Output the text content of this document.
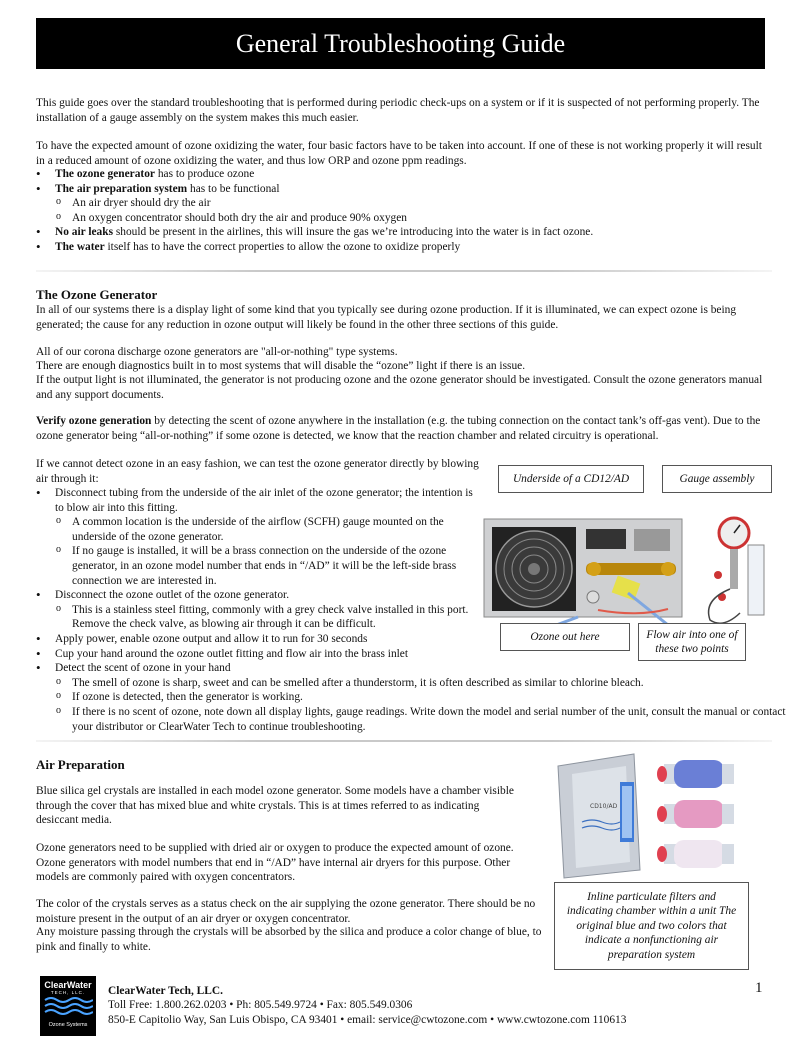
General Troubleshooting Guide
This guide goes over the standard troubleshooting that is performed during periodic check-ups on a system or if it is suspected of not performing properly. The installation of a gauge assembly on the system makes this much easier.
To have the expected amount of ozone oxidizing the water, four basic factors have to be taken into account. If one of these is not working properly it will result in a reduced amount of ozone oxidizing the water, and thus low ORP and ozone ppm readings.
• The ozone generator has to produce ozone
• The air preparation system has to be functional
o An air dryer should dry the air
o An oxygen concentrator should both dry the air and produce 90% oxygen
• No air leaks should be present in the airlines, this will insure the gas we’re introducing into the water is in fact ozone.
• The water itself has to have the correct properties to allow the ozone to oxidize properly
The Ozone Generator
In all of our systems there is a display light of some kind that you typically see during ozone production. If it is illuminated, we can expect ozone is being generated; the cause for any reduction in ozone output will likely be found in the other three sections of this guide.
All of our corona discharge ozone generators are "all-or-nothing" type systems.
There are enough diagnostics built in to most systems that will disable the “ozone” light if there is an issue.
If the output light is not illuminated, the generator is not producing ozone and the ozone generator should be investigated. Consult the ozone generators manual and any support documents.
Verify ozone generation by detecting the scent of ozone anywhere in the installation (e.g. the tubing connection on the contact tank’s off-gas vent). Due to the ozone generator being “all-or-nothing” if some ozone is detected, we know that the reaction chamber and related circuitry is operational.
If we cannot detect ozone in an easy fashion, we can test the ozone generator directly by blowing air through it:
• Disconnect tubing from the underside of the air inlet of the ozone generator; the intention is to blow air into this fitting.
o A common location is the underside of the airflow (SCFH) gauge mounted on the underside of the ozone generator.
o If no gauge is installed, it will be a brass connection on the underside of the ozone generator, in an ozone model number that ends in “/AD” it will be the left-side brass connection we are interested in.
• Disconnect the ozone outlet of the ozone generator.
o This is a stainless steel fitting, commonly with a grey check valve installed in this port. Remove the check valve, as blowing air through it can be difficult.
• Apply power, enable ozone output and allow it to run for 30 seconds
• Cup your hand around the ozone outlet fitting and flow air into the brass inlet
• Detect the scent of ozone in your hand
o The smell of ozone is sharp, sweet and can be smelled after a thunderstorm, it is often described as similar to chlorine bleach.
o If ozone is detected, then the generator is working.
o If there is no scent of ozone, note down all display lights, gauge readings. Write down the model and serial number of the unit, consult the manual or contact your distributor or ClearWater Tech to continue troubleshooting.
Underside of a CD12/AD	Gauge assembly
Ozone out here	Flow air into one of these two points
Air Preparation
Blue silica gel crystals are installed in each model ozone generator. Some models have a chamber visible through the cover that has mixed blue and white crystals. This is at times referred to as indicating desiccant media.
Ozone generators need to be supplied with dried air or oxygen to produce the expected amount of ozone. Ozone generators with model numbers that end in “/AD” have internal air dryers for this purpose. Other models are commonly paired with oxygen concentrators.
The color of the crystals serves as a status check on the air supplying the ozone generator. There should be no moisture present in the output of an air dryer or oxygen concentrator.
Any moisture passing through the crystals will be absorbed by the silica and produce a color change of blue, to pink and finally to white.
CD10/AD
Inline particulate filters and indicating chamber within a unit The original blue and two colors that indicate a nonfunctioning air preparation system
ClearWater
TECH, LLC.
Ozone Systems
ClearWater Tech, LLC.
Toll Free: 1.800.262.0203 • Ph: 805.549.9724 • Fax: 805.549.0306
850-E Capitolio Way, San Luis Obispo, CA 93401 • email: service@cwtozone.com • www.cwtozone.com 110613
1
